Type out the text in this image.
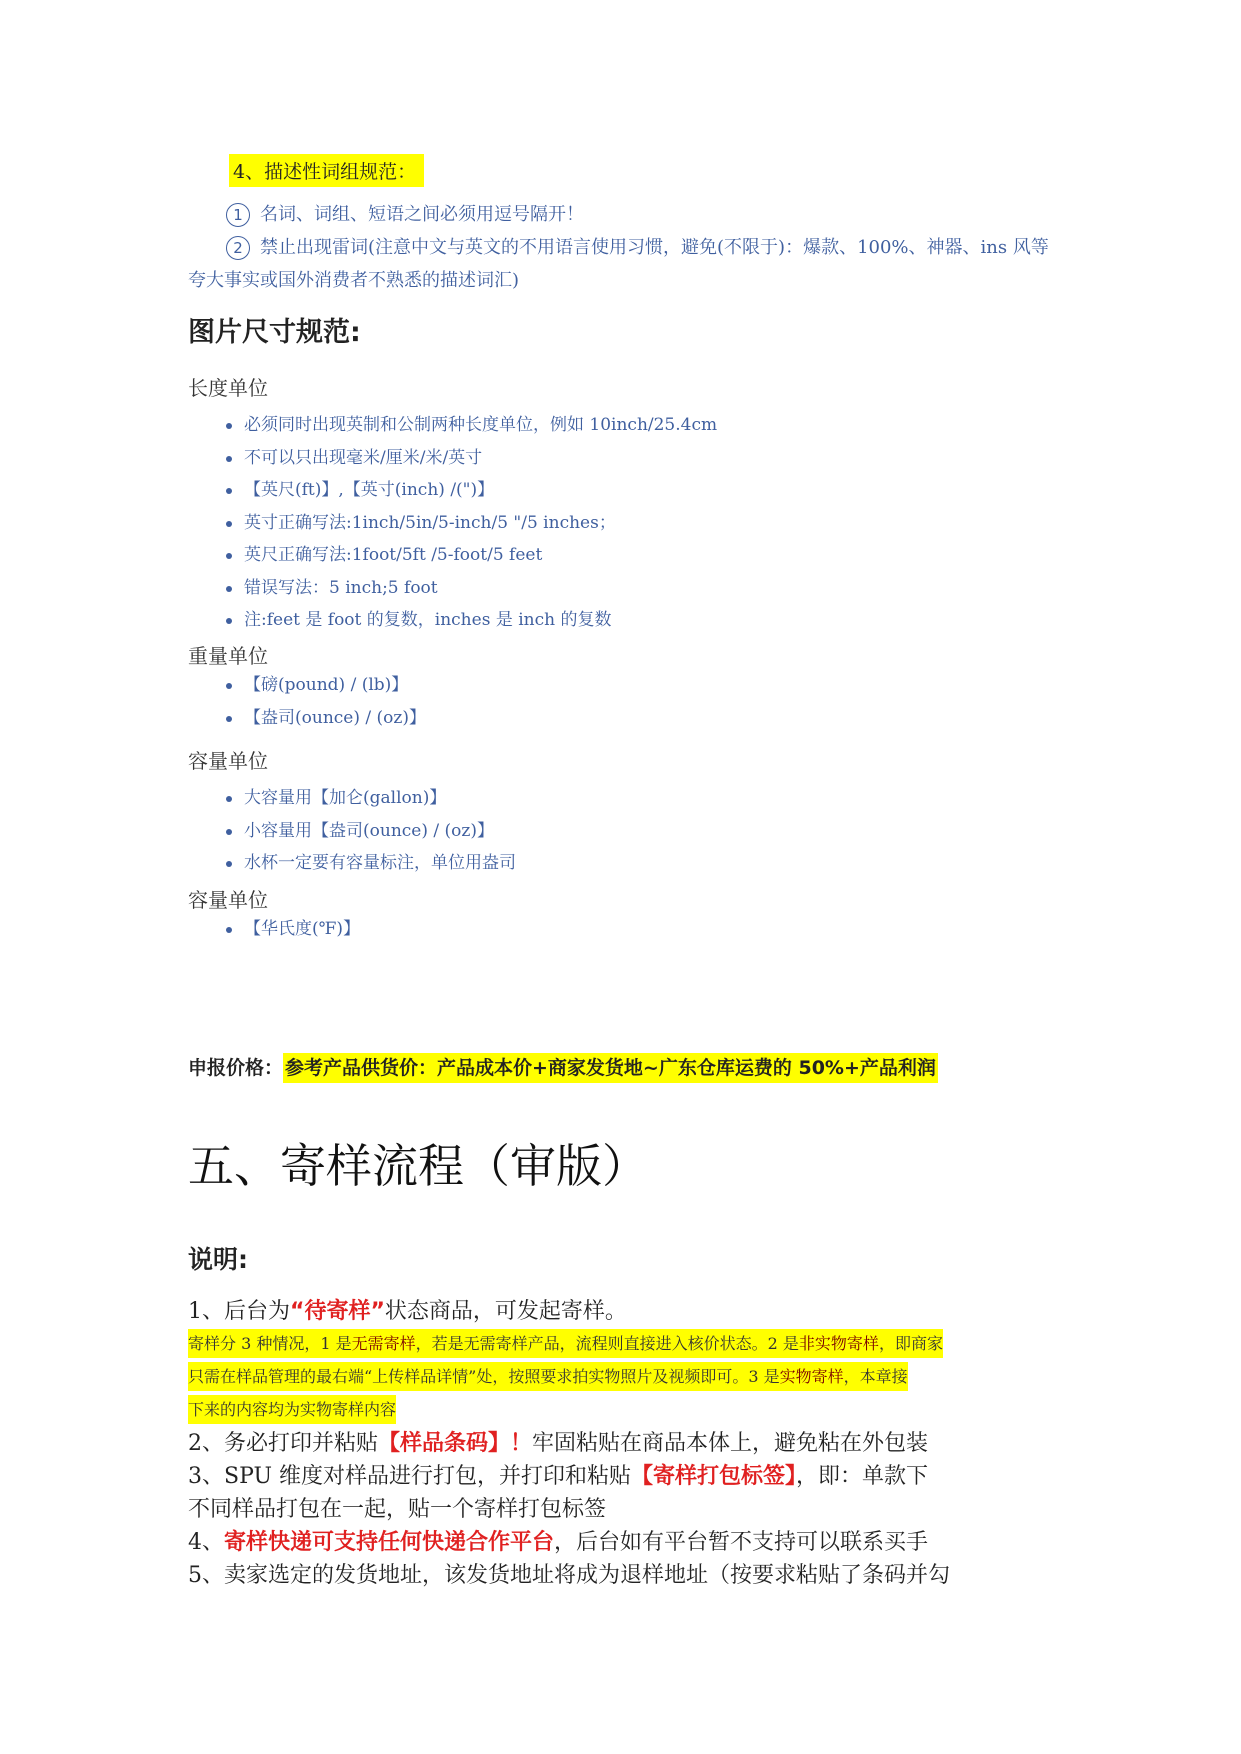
4、描述性词组规范：
1 名词、词组、短语之间必须用逗号隔开！
2 禁止出现雷词(注意中文与英文的不用语言使用习惯，避免(不限于)：爆款、100%、神器、ins 风等
夸大事实或国外消费者不熟悉的描述词汇)
图片尺寸规范:
长度单位
必须同时出现英制和公制两种长度单位，例如 10inch/25.4cm
不可以只出现毫米/厘米/米/英寸
【英尺(ft)】,【英寸(inch) /(")】
英寸正确写法:1inch/5in/5-inch/5 "/5 inches；
英尺正确写法:1foot/5ft /5-foot/5 feet
错误写法：5 inch;5 foot
注:feet 是 foot 的复数，inches 是 inch 的复数
重量单位
【磅(pound) / (lb)】
【盎司(ounce) / (oz)】
容量单位
大容量用【加仑(gallon)】
小容量用【盎司(ounce) / (oz)】
水杯一定要有容量标注，单位用盎司
容量单位
【华氏度(℉)】
申报价格： 参考产品供货价：产品成本价+商家发货地~广东仓库运费的 50%+产品利润
五、寄样流程（审版）
说明:
1、后台为“待寄样”状态商品，可发起寄样。
寄样分 3 种情况，1 是无需寄样，若是无需寄样产品，流程则直接进入核价状态。2 是非实物寄样，即商家
只需在样品管理的最右端“上传样品详情”处，按照要求拍实物照片及视频即可。3 是实物寄样，本章接
下来的内容均为实物寄样内容
2、务必打印并粘贴【样品条码】！牢固粘贴在商品本体上，避免粘在外包装
3、SPU 维度对样品进行打包，并打印和粘贴【寄样打包标签】，即：单款下
不同样品打包在一起，贴一个寄样打包标签
4、寄样快递可支持任何快递合作平台，后台如有平台暂不支持可以联系买手
5、卖家选定的发货地址，该发货地址将成为退样地址（按要求粘贴了条码并勾
